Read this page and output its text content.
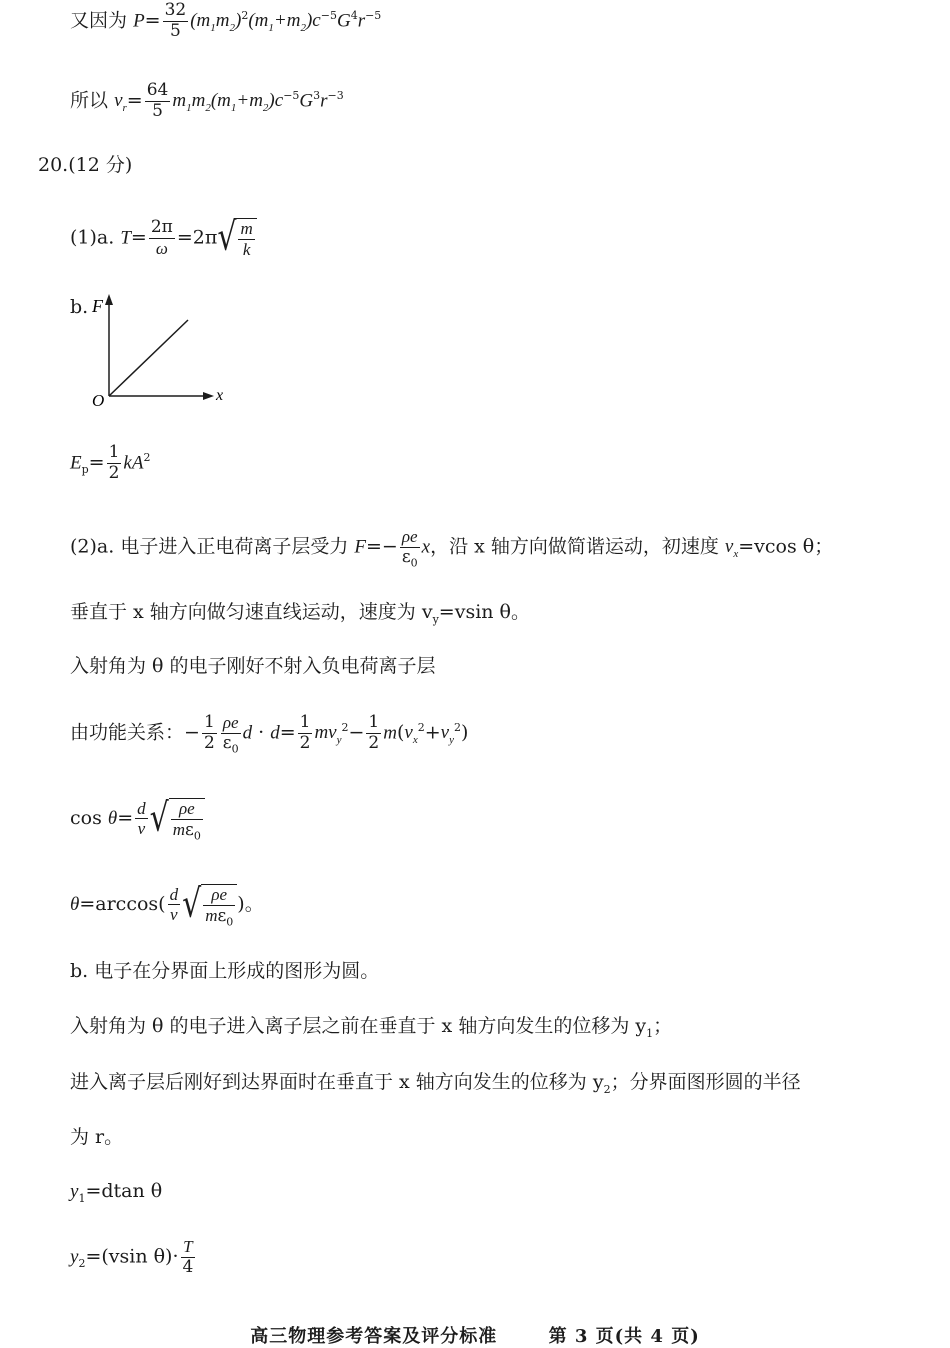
又因为 $P= \frac{32}{5} (m_1m_2)^2(m_1+m_2)c^{-5}G^4r^{-5}$
所以 $v_r= \frac{64}{5} m_1m_2(m_1+m_2)c^{-5}G^3r^{-3}$
20.(12 分)
(1)a. $T= \frac{2\pi}{\omega} =2\pi√ \frac{m}{k}$
b. F
x
O
$E_p= \frac{1}{2} kA^2$
(2)a. 电子进入正电荷离子层受力 $F=- \frac{\rho e}{\varepsilon_0}$ x，沿 x 轴方向做简谐运动，初速度 $v_x=vcos$ θ；
垂直于 x 轴方向做匀速直线运动，速度为 $v_y=vsin$ θ。
入射角为 θ 的电子刚好不射入负电荷离子层
由功能关系：− $\frac{1}{2} \frac{\rho e}{\varepsilon_0}$ $d \cdot d= \frac{1}{2} mv_y^2- \frac{1}{2} m(v_x^2+v_y^2)$
$\cos \theta= \frac{d}{v}$ √ $\frac{\rho e}{m\varepsilon_0}$
$\theta=\arccos( \frac{d}{v}$ √ $\frac{\rho e}{m\varepsilon_0}$ )。
b. 电子在分界面上形成的图形为圆。
入射角为 θ 的电子进入离子层之前在垂直于 x 轴方向发生的位移为 $y_1$；
进入离子层后刚好到达界面时在垂直于 x 轴方向发生的位移为 $y_2$；分界面图形圆的半径
为 r。
$y_1=dtan$ θ
$y_2=(vsin$ $\theta)\cdot \frac{T}{4}$
高三物理参考答案及评分标准	第 3 页(共 4 页)
